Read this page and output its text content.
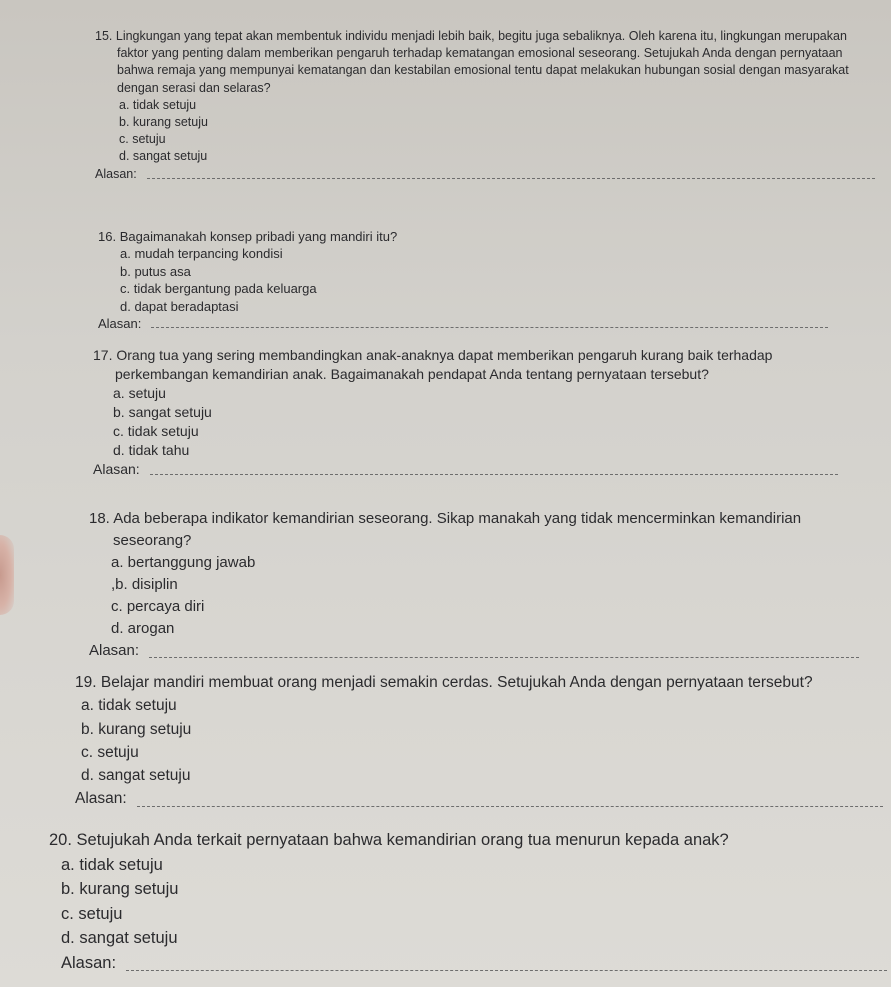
15. Lingkungan yang tepat akan membentuk individu menjadi lebih baik, begitu juga sebaliknya. Oleh karena itu, lingkungan merupakan faktor yang penting dalam memberikan pengaruh terhadap kematangan emosional seseorang. Setujukah Anda dengan pernyataan bahwa remaja yang mempunyai kematangan dan kestabilan emosional tentu dapat melakukan hubungan sosial dengan masyarakat dengan serasi dan selaras?

a. tidak setuju

b. kurang setuju

c. setuju

d. sangat setuju

Alasan:

16. Bagaimanakah konsep pribadi yang mandiri itu?

a. mudah terpancing kondisi

b. putus asa

c. tidak bergantung pada keluarga

d. dapat beradaptasi

Alasan:

17. Orang tua yang sering membandingkan anak-anaknya dapat memberikan pengaruh kurang baik terhadap perkembangan kemandirian anak. Bagaimanakah pendapat Anda tentang pernyataan tersebut?

a. setuju

b. sangat setuju

c. tidak setuju

d. tidak tahu

Alasan:

18. Ada beberapa indikator kemandirian seseorang. Sikap manakah yang tidak mencerminkan kemandirian seseorang?

a. bertanggung jawab

,b. disiplin

c. percaya diri

d. arogan

Alasan:

19. Belajar mandiri membuat orang menjadi semakin cerdas. Setujukah Anda dengan pernyataan tersebut?

a. tidak setuju

b. kurang setuju

c. setuju

d. sangat setuju

Alasan:

20. Setujukah Anda terkait pernyataan bahwa kemandirian orang tua menurun kepada anak?

a. tidak setuju

b. kurang setuju

c. setuju

d. sangat setuju

Alasan:
